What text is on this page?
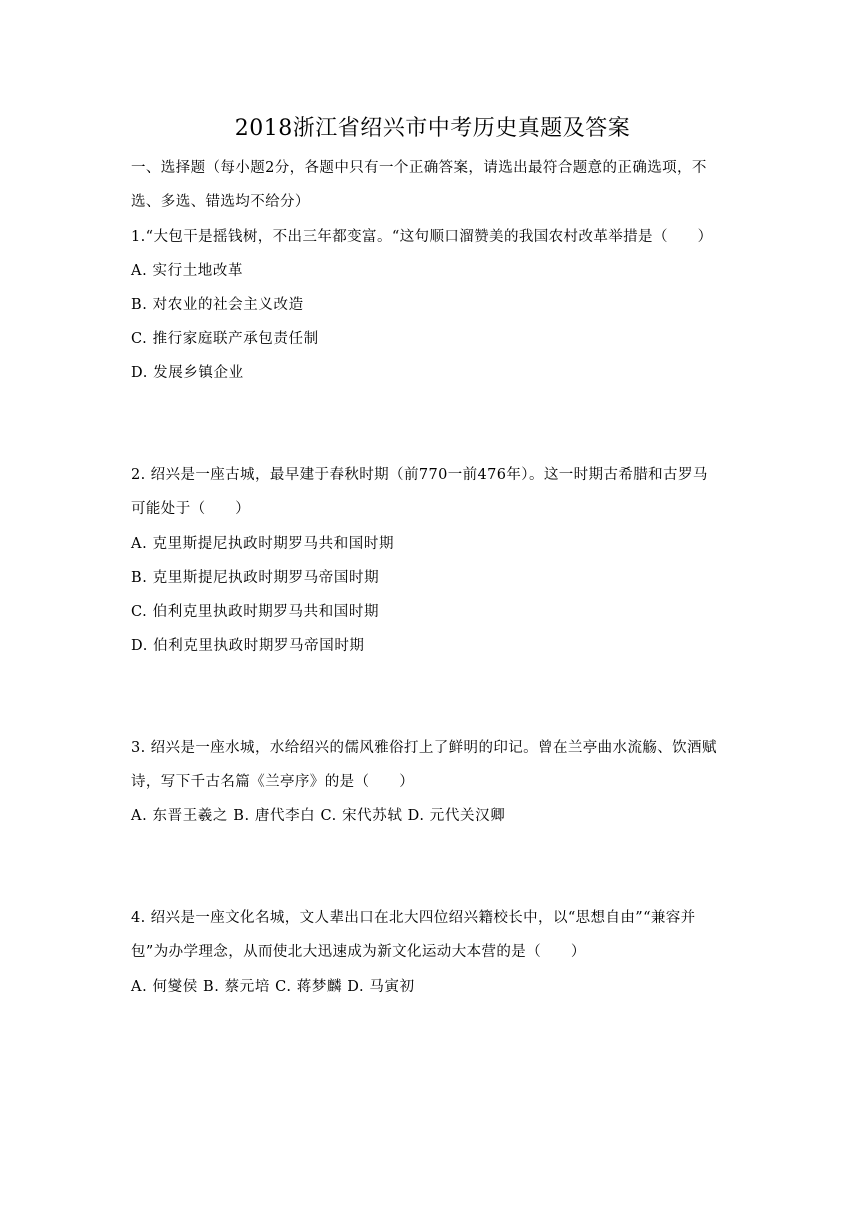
2018浙江省绍兴市中考历史真题及答案
一、选择题（每小题2分，各题中只有一个正确答案，请选出最符合题意的正确选项，不
选、多选、错选均不给分）
1.“大包干是摇钱树，不出三年都变富。“这句顺口溜赞美的我国农村改革举措是（　　）
A. 实行土地改革
B. 对农业的社会主义改造
C. 推行家庭联产承包责任制
D. 发展乡镇企业
2. 绍兴是一座古城，最早建于春秋时期（前770一前476年）。这一时期古希腊和古罗马
可能处于（　　）
A. 克里斯提尼执政时期罗马共和国时期
B. 克里斯提尼执政时期罗马帝国时期
C. 伯利克里执政时期罗马共和国时期
D. 伯利克里执政时期罗马帝国时期
3. 绍兴是一座水城，水给绍兴的儒风雅俗打上了鲜明的印记。曾在兰亭曲水流觞、饮酒赋
诗，写下千古名篇《兰亭序》的是（　　）
A. 东晋王羲之 B. 唐代李白 C. 宋代苏轼 D. 元代关汉卿
4. 绍兴是一座文化名城，文人辈出口在北大四位绍兴籍校长中，以“思想自由”“兼容并
包”为办学理念，从而使北大迅速成为新文化运动大本营的是（　　）
A. 何燮侯 B. 蔡元培 C. 蒋梦麟 D. 马寅初
